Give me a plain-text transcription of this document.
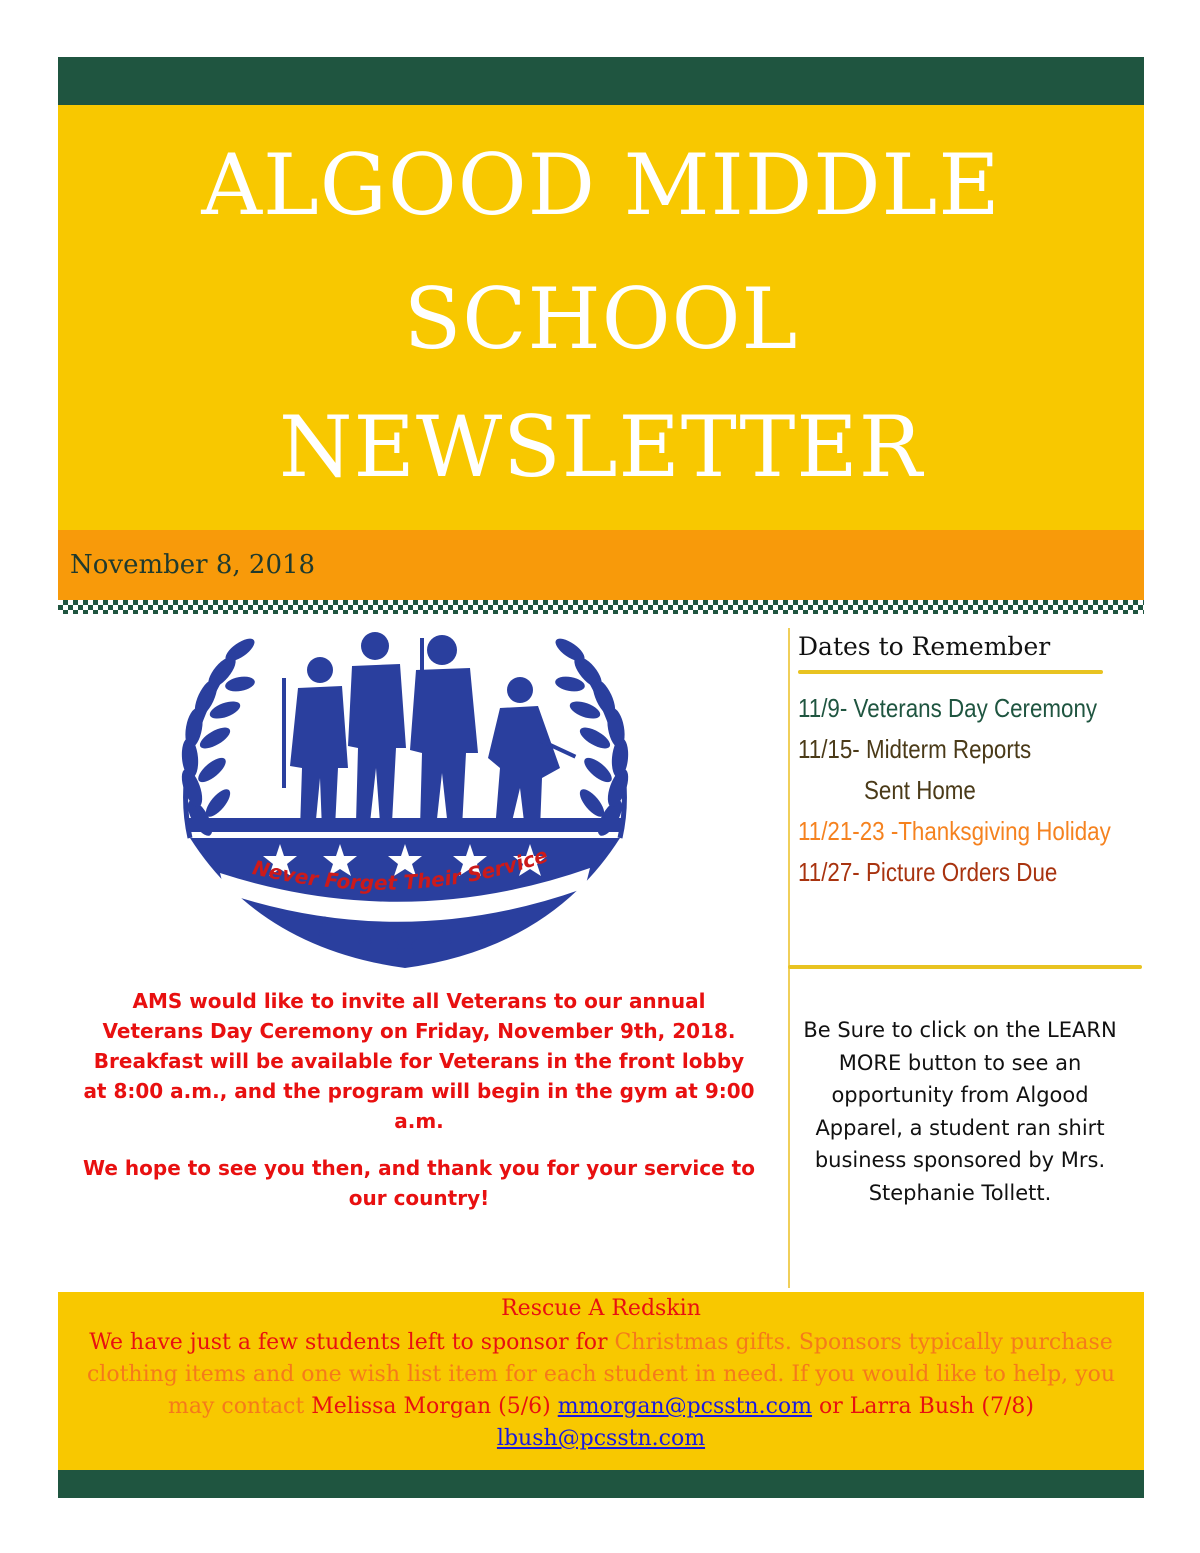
ALGOOD MIDDLE
SCHOOL
NEWSLETTER
November 8, 2018
Never Forget Their Service
AMS would like to invite all Veterans to our annual Veterans Day Ceremony on Friday, November 9th, 2018. Breakfast will be available for Veterans in the front lobby at 8:00 a.m., and the program will begin in the gym at 9:00 a.m.
We hope to see you then, and thank you for your service to our country!
Dates to Remember
11/9- Veterans Day Ceremony
11/15- Midterm Reports
Sent Home
11/21-23 -Thanksgiving Holiday
11/27- Picture Orders Due
Be Sure to click on the LEARN MORE button to see an opportunity from Algood Apparel, a student ran shirt business sponsored by Mrs. Stephanie Tollett.
Rescue A Redskin
We have just a few students left to sponsor for Christmas gifts. Sponsors typically purchase clothing items and one wish list item for each student in need. If you would like to help, you may contact Melissa Morgan (5/6) mmorgan@pcsstn.com or Larra Bush (7/8) lbush@pcsstn.com
